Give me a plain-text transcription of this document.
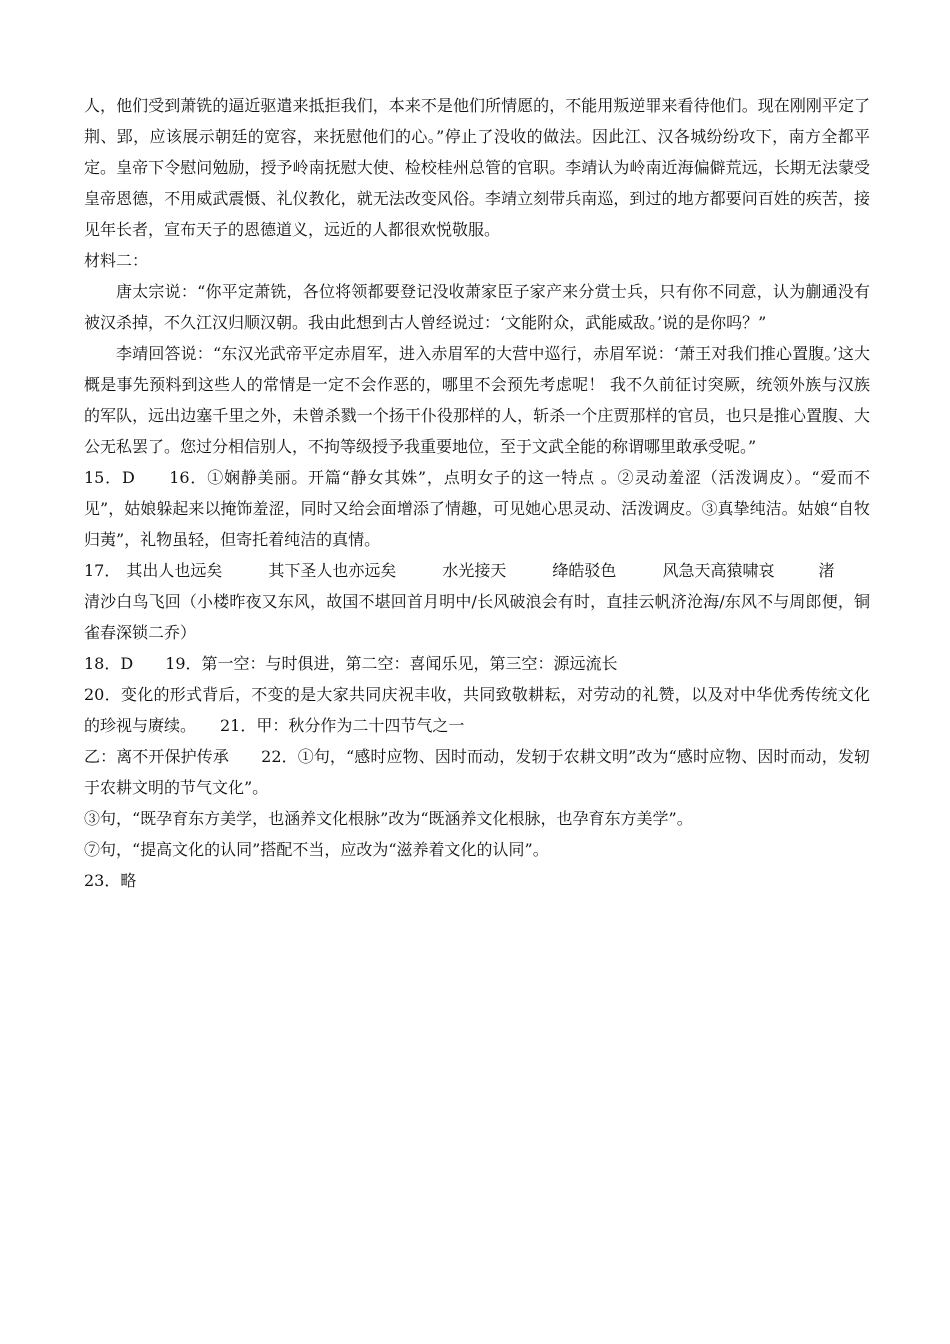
人，他们受到萧铣的逼近驱遣来抵拒我们，本来不是他们所情愿的，不能用叛逆罪来看待他们。现在刚刚平定了荆、郢，应该展示朝廷的宽容，来抚慰他们的心。”停止了没收的做法。因此江、汉各城纷纷攻下，南方全都平定。皇帝下令慰问勉励，授予岭南抚慰大使、检校桂州总管的官职。李靖认为岭南近海偏僻荒远，长期无法蒙受皇帝恩德，不用威武震慑、礼仪教化，就无法改变风俗。李靖立刻带兵南巡，到过的地方都要问百姓的疾苦，接见年长者，宣布天子的恩德道义，远近的人都很欢悦敬服。

材料二：

唐太宗说：“你平定萧铣，各位将领都要登记没收萧家臣子家产来分赏士兵，只有你不同意，认为蒯通没有被汉杀掉，不久江汉归顺汉朝。我由此想到古人曾经说过：‘文能附众，武能威敌。’说的是你吗？”

李靖回答说：“东汉光武帝平定赤眉军，进入赤眉军的大营中巡行，赤眉军说：‘萧王对我们推心置腹。’这大概是事先预料到这些人的常情是一定不会作恶的，哪里不会预先考虑呢！ 我不久前征讨突厥，统领外族与汉族的军队，远出边塞千里之外，未曾杀戮一个扬干仆役那样的人，斩杀一个庄贾那样的官员，也只是推心置腹、大公无私罢了。您过分相信别人，不拘等级授予我重要地位，至于文武全能的称谓哪里敢承受呢。”

15．D　　16．①娴静美丽。开篇“静女其姝”，点明女子的这一特点 。②灵动羞涩（活泼调皮）。“爱而不见”，姑娘躲起来以掩饰羞涩，同时又给会面增添了情趣，可见她心思灵动、活泼调皮。③真挚纯洁。姑娘“自牧归荑”，礼物虽轻，但寄托着纯洁的真情。

17． 其出人也远矣	其下圣人也亦远矣	水光接天	绛皓驳色	风急天高猿啸哀	渚

清沙白鸟飞回（小楼昨夜又东风，故国不堪回首月明中/长风破浪会有时，直挂云帆济沧海/东风不与周郎便，铜雀春深锁二乔）

18．D　　19．第一空：与时俱进，第二空：喜闻乐见，第三空：源远流长

20．变化的形式背后，不变的是大家共同庆祝丰收，共同致敬耕耘，对劳动的礼赞，以及对中华优秀传统文化的珍视与赓续。　　21．甲：秋分作为二十四节气之一

乙：离不开保护传承　　22．①句，“感时应物、因时而动，发轫于农耕文明”改为“感时应物、因时而动，发轫于农耕文明的节气文化”。

③句，“既孕育东方美学，也涵养文化根脉”改为“既涵养文化根脉，也孕育东方美学”。

⑦句，“提高文化的认同”搭配不当，应改为“滋养着文化的认同”。

23．略
